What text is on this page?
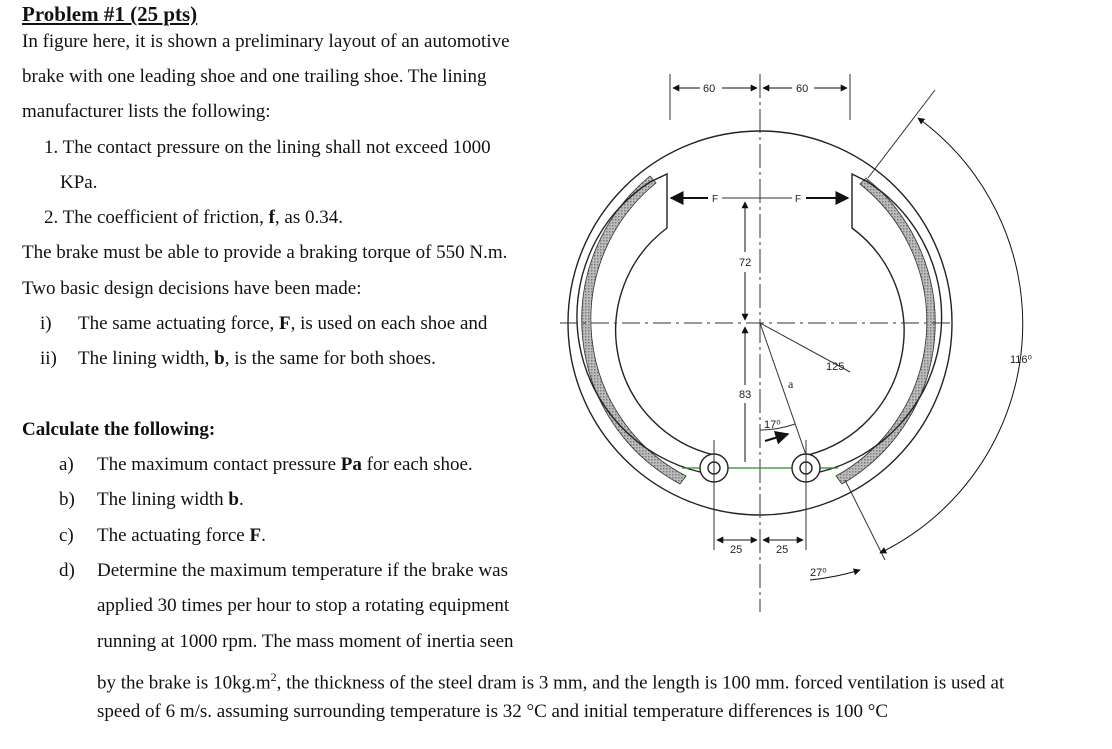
Problem #1 (25 pts)
In figure here, it is shown a preliminary layout of an automotive
brake with one leading shoe and one trailing shoe. The lining
manufacturer lists the following:
1. The contact pressure on the lining shall not exceed 1000
KPa.
2. The coefficient of friction, f, as 0.34.
The brake must be able to provide a braking torque of 550 N.m.
Two basic design decisions have been made:
i) The same actuating force, F, is used on each shoe and
ii) The lining width, b, is the same for both shoes.
Calculate the following:
a) The maximum contact pressure Pa for each shoe.
b) The lining width b.
c) The actuating force F.
d) Determine the maximum temperature if the brake was
applied 30 times per hour to stop a rotating equipment
running at 1000 rpm. The mass moment of inertia seen
by the brake is $10kg.m^2$, the thickness of the steel dram is 3 mm, and the length is 100 mm. forced ventilation is used at
speed of 6 m/s. assuming surrounding temperature is 32 °C and initial temperature differences is 100 °C
60	60
F	F
72
83
a
17⁰
125
116⁰
27⁰
25	25
